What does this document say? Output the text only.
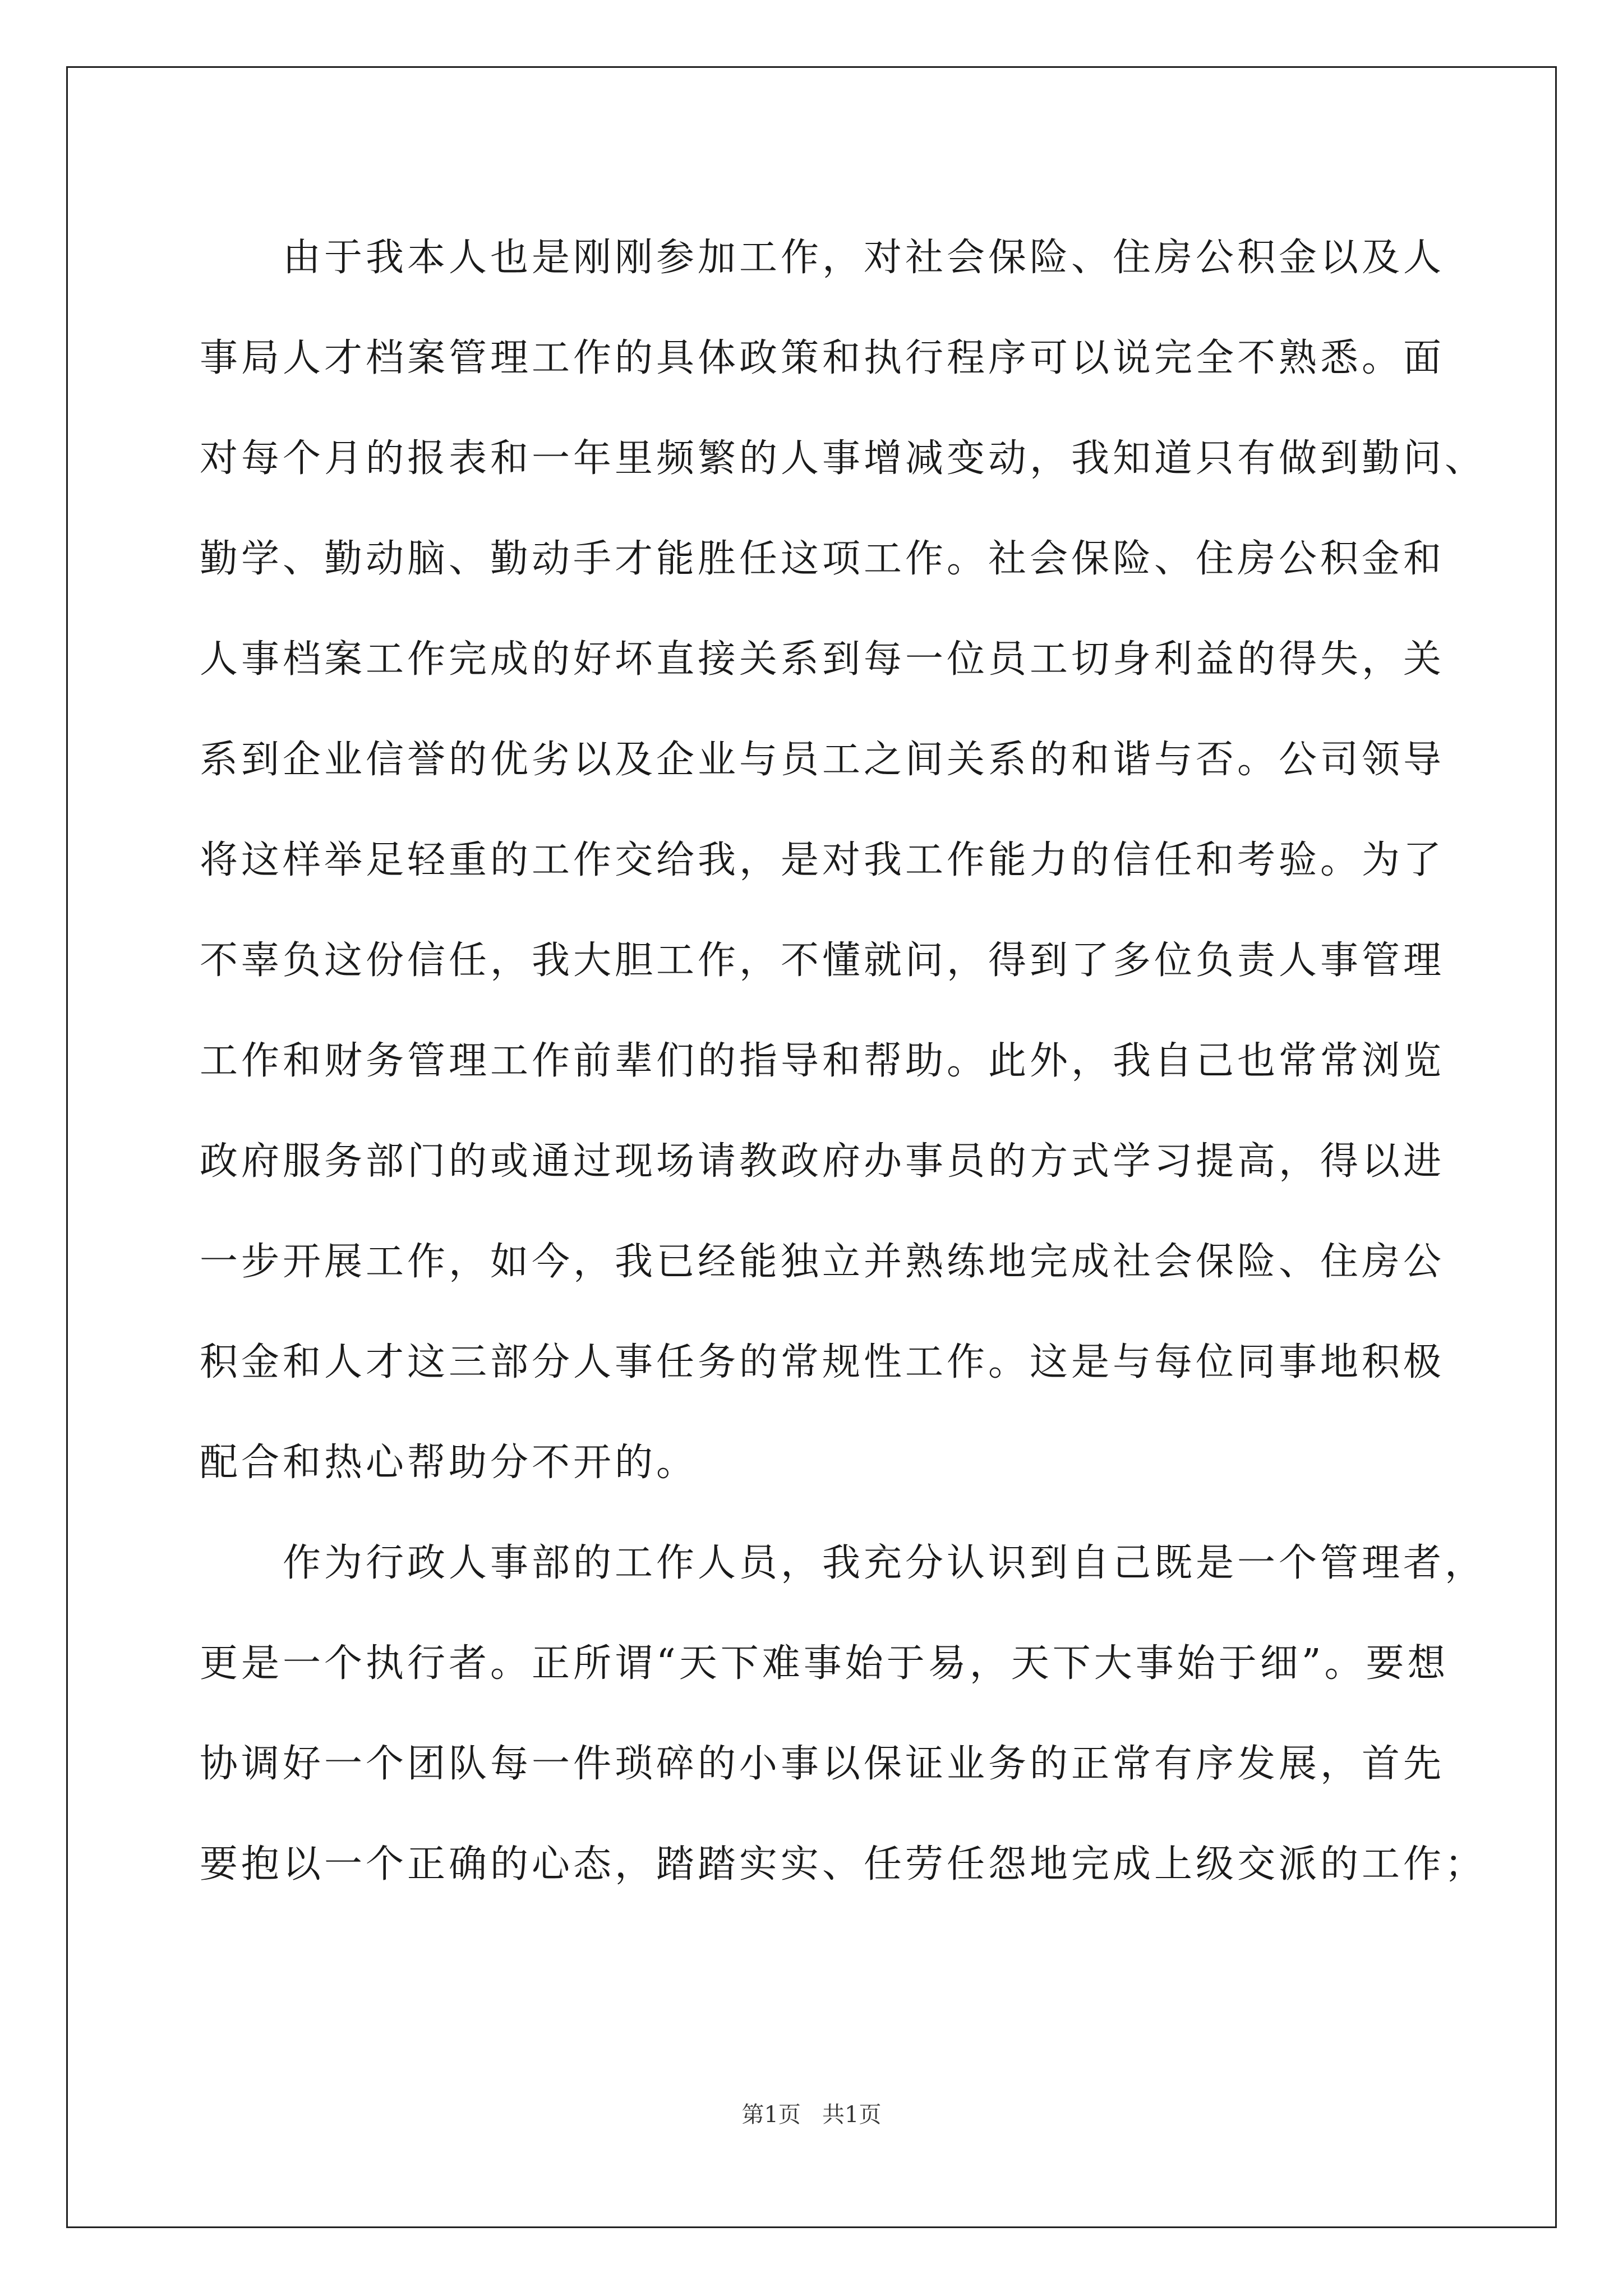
由于我本人也是刚刚参加工作，对社会保险、住房公积金以及人

事局人才档案管理工作的具体政策和执行程序可以说完全不熟悉。面

对每个月的报表和一年里频繁的人事增减变动，我知道只有做到勤问、

勤学、勤动脑、勤动手才能胜任这项工作。社会保险、住房公积金和

人事档案工作完成的好坏直接关系到每一位员工切身利益的得失，关

系到企业信誉的优劣以及企业与员工之间关系的和谐与否。公司领导

将这样举足轻重的工作交给我，是对我工作能力的信任和考验。为了

不辜负这份信任，我大胆工作，不懂就问，得到了多位负责人事管理

工作和财务管理工作前辈们的指导和帮助。此外，我自己也常常浏览

政府服务部门的或通过现场请教政府办事员的方式学习提高，得以进

一步开展工作，如今，我已经能独立并熟练地完成社会保险、住房公

积金和人才这三部分人事任务的常规性工作。这是与每位同事地积极

配合和热心帮助分不开的。

作为行政人事部的工作人员，我充分认识到自己既是一个管理者，

更是一个执行者。正所谓“天下难事始于易，天下大事始于细”。要想

协调好一个团队每一件琐碎的小事以保证业务的正常有序发展，首先

要抱以一个正确的心态，踏踏实实、任劳任怨地完成上级交派的工作；

第1页   共1页
